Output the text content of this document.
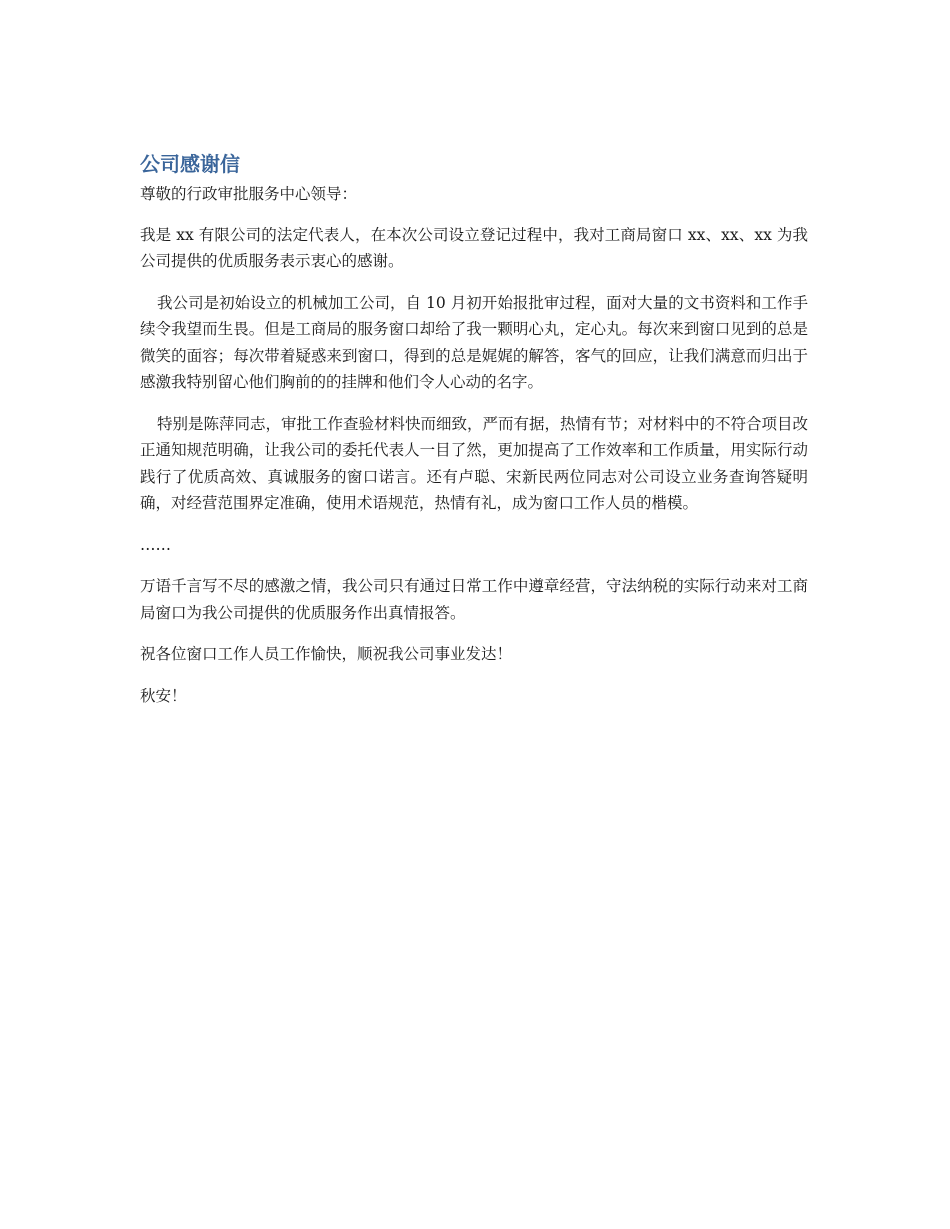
公司感谢信
尊敬的行政审批服务中心领导：
我是 xx 有限公司的法定代表人，在本次公司设立登记过程中，我对工商局窗口 xx、xx、xx 为我公司提供的优质服务表示衷心的感谢。
我公司是初始设立的机械加工公司，自 10 月初开始报批审过程，面对大量的文书资料和工作手续令我望而生畏。但是工商局的服务窗口却给了我一颗明心丸，定心丸。每次来到窗口见到的总是微笑的面容；每次带着疑惑来到窗口，得到的总是娓娓的解答，客气的回应，让我们满意而归出于感激我特别留心他们胸前的的挂牌和他们令人心动的名字。
特别是陈萍同志，审批工作查验材料快而细致，严而有据，热情有节；对材料中的不符合项目改正通知规范明确，让我公司的委托代表人一目了然，更加提高了工作效率和工作质量，用实际行动践行了优质高效、真诚服务的窗口诺言。还有卢聪、宋新民两位同志对公司设立业务查询答疑明确，对经营范围界定准确，使用术语规范，热情有礼，成为窗口工作人员的楷模。
……
万语千言写不尽的感激之情，我公司只有通过日常工作中遵章经营，守法纳税的实际行动来对工商局窗口为我公司提供的优质服务作出真情报答。
祝各位窗口工作人员工作愉快，顺祝我公司事业发达！
秋安！
